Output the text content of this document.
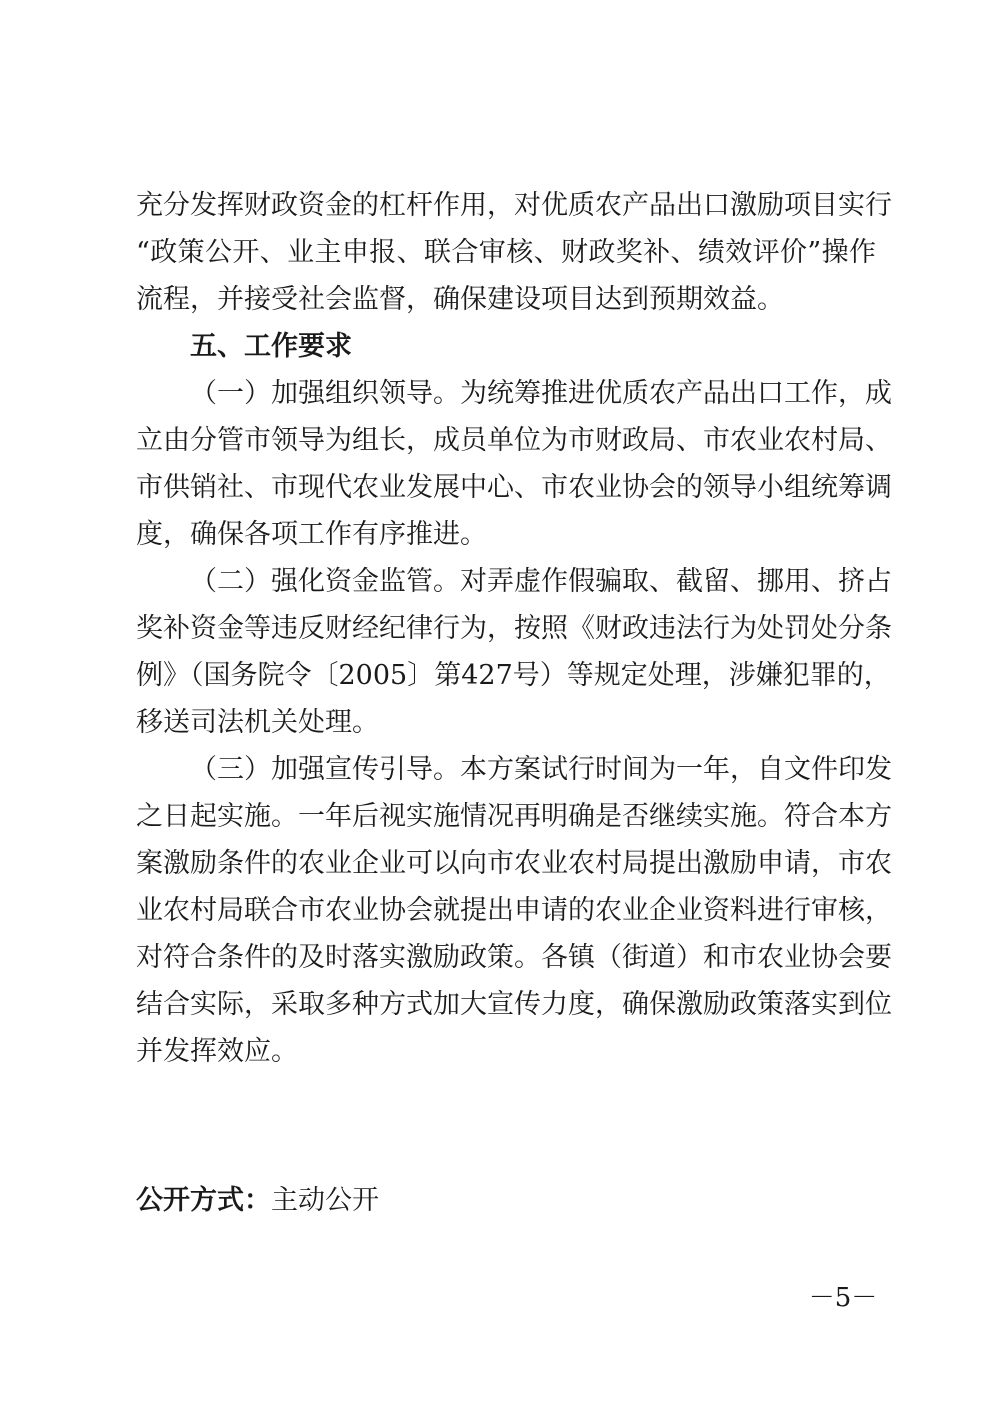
充分发挥财政资金的杠杆作用，对优质农产品出口激励项目实行
“政策公开、业主申报、联合审核、财政奖补、绩效评价”操作
流程，并接受社会监督，确保建设项目达到预期效益。
五、工作要求
（一）加强组织领导。为统筹推进优质农产品出口工作，成
立由分管市领导为组长，成员单位为市财政局、市农业农村局、
市供销社、市现代农业发展中心、市农业协会的领导小组统筹调
度，确保各项工作有序推进。
（二）强化资金监管。对弄虚作假骗取、截留、挪用、挤占
奖补资金等违反财经纪律行为，按照《财政违法行为处罚处分条
例》（国务院令〔2005〕第427号）等规定处理，涉嫌犯罪的，
移送司法机关处理。
（三）加强宣传引导。本方案试行时间为一年，自文件印发
之日起实施。一年后视实施情况再明确是否继续实施。符合本方
案激励条件的农业企业可以向市农业农村局提出激励申请，市农
业农村局联合市农业协会就提出申请的农业企业资料进行审核，
对符合条件的及时落实激励政策。各镇（街道）和市农业协会要
结合实际，采取多种方式加大宣传力度，确保激励政策落实到位
并发挥效应。
公开方式：主动公开
－5－
